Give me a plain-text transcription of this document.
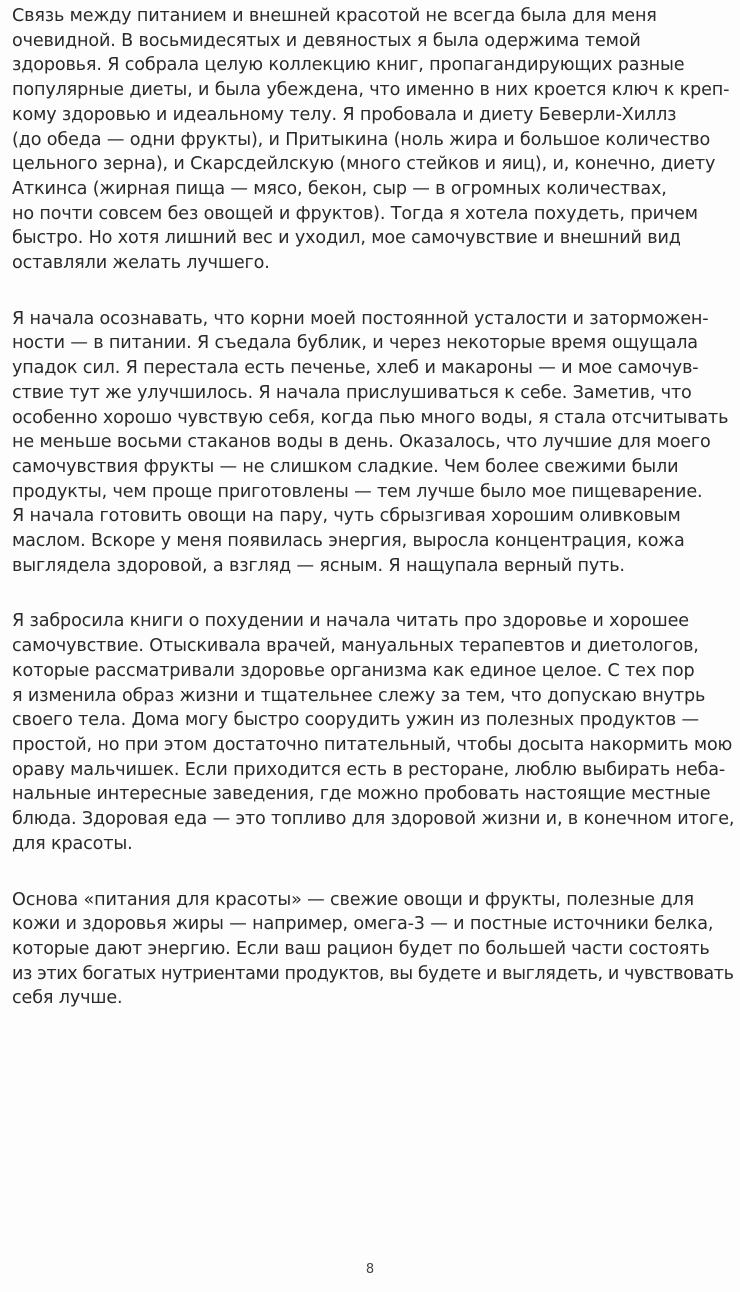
Связь между питанием и внешней красотой не всегда была для меня
очевидной. В восьмидесятых и девяностых я была одержима темой
здоровья. Я собрала целую коллекцию книг, пропагандирующих разные
популярные диеты, и была убеждена, что именно в них кроется ключ к креп-
кому здоровью и идеальному телу. Я пробовала и диету Беверли-Хиллз
(до обеда — одни фрукты), и Притыкина (ноль жира и большое количество
цельного зерна), и Скарсдейлскую (много стейков и яиц), и, конечно, диету
Аткинса (жирная пища — мясо, бекон, сыр — в огромных количествах,
но почти совсем без овощей и фруктов). Тогда я хотела похудеть, причем
быстро. Но хотя лишний вес и уходил, мое самочувствие и внешний вид
оставляли желать лучшего.

Я начала осознавать, что корни моей постоянной усталости и заторможен-
ности — в питании. Я съедала бублик, и через некоторые время ощущала
упадок сил. Я перестала есть печенье, хлеб и макароны — и мое самочув-
ствие тут же улучшилось. Я начала прислушиваться к себе. Заметив, что
особенно хорошо чувствую себя, когда пью много воды, я стала отсчитывать
не меньше восьми стаканов воды в день. Оказалось, что лучшие для моего
самочувствия фрукты — не слишком сладкие. Чем более свежими были
продукты, чем проще приготовлены — тем лучше было мое пищеварение.
Я начала готовить овощи на пару, чуть сбрызгивая хорошим оливковым
маслом. Вскоре у меня появилась энергия, выросла концентрация, кожа
выглядела здоровой, а взгляд — ясным. Я нащупала верный путь.

Я забросила книги о похудении и начала читать про здоровье и хорошее
самочувствие. Отыскивала врачей, мануальных терапевтов и диетологов,
которые рассматривали здоровье организма как единое целое. С тех пор
я изменила образ жизни и тщательнее слежу за тем, что допускаю внутрь
своего тела. Дома могу быстро соорудить ужин из полезных продуктов —
простой, но при этом достаточно питательный, чтобы досыта накормить мою
ораву мальчишек. Если приходится есть в ресторане, люблю выбирать неба-
нальные интересные заведения, где можно пробовать настоящие местные
блюда. Здоровая еда — это топливо для здоровой жизни и, в конечном итоге,
для красоты.

Основа «питания для красоты» — свежие овощи и фрукты, полезные для
кожи и здоровья жиры — например, омега-3 — и постные источники белка,
которые дают энергию. Если ваш рацион будет по большей части состоять
из этих богатых нутриентами продуктов, вы будете и выглядеть, и чувствовать
себя лучше.

8
